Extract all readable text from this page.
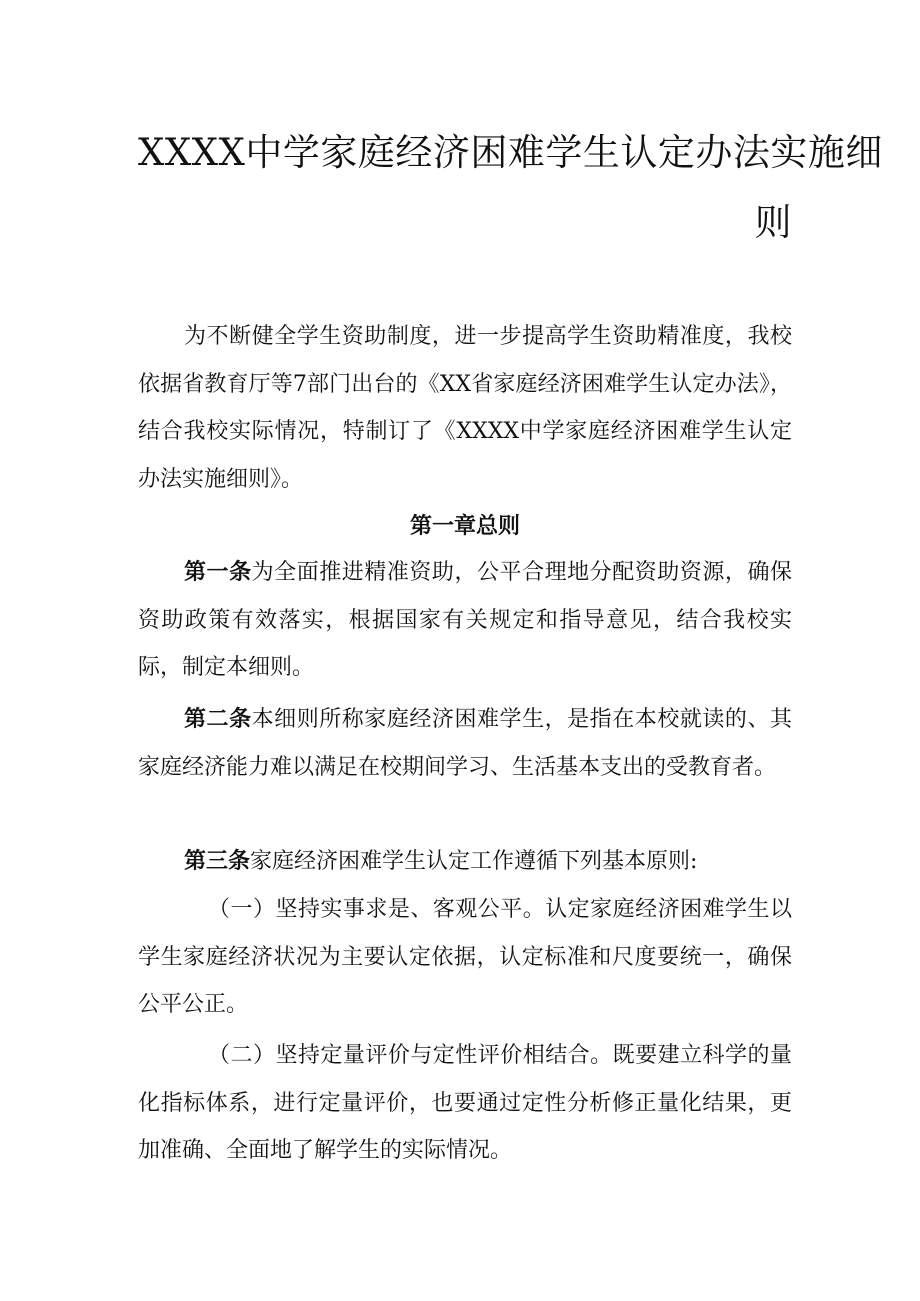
XXXX中学家庭经济困难学生认定办法实施细
则

为不断健全学生资助制度，进一步提高学生资助精准度，我校依据省教育厅等7部门出台的《XX省家庭经济困难学生认定办法》，结合我校实际情况，特制订了《XXXX中学家庭经济困难学生认定办法实施细则》。

第一章总则

第一条为全面推进精准资助，公平合理地分配资助资源，确保资助政策有效落实，根据国家有关规定和指导意见，结合我校实际，制定本细则。

第二条本细则所称家庭经济困难学生，是指在本校就读的、其家庭经济能力难以满足在校期间学习、生活基本支出的受教育者。

第三条家庭经济困难学生认定工作遵循下列基本原则:

（一）坚持实事求是、客观公平。认定家庭经济困难学生以学生家庭经济状况为主要认定依据，认定标准和尺度要统一，确保公平公正。

（二）坚持定量评价与定性评价相结合。既要建立科学的量化指标体系，进行定量评价，也要通过定性分析修正量化结果，更加准确、全面地了解学生的实际情况。
